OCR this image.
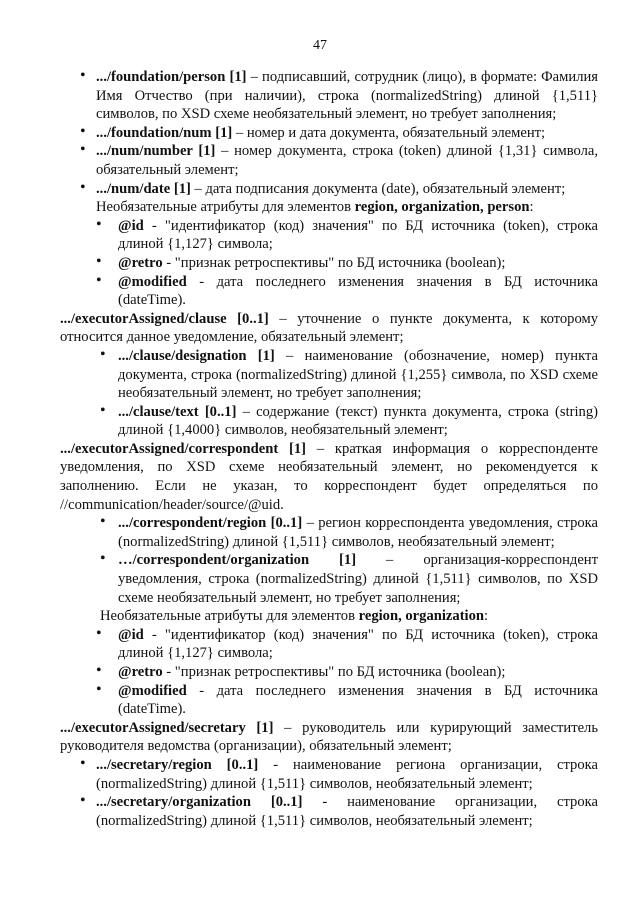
47
• .../foundation/person [1] – подписавший, сотрудник (лицо), в формате: Фамилия Имя Отчество (при наличии), строка (normalizedString) длиной {1,511} символов, по XSD схеме необязательный элемент, но требует заполнения;
• .../foundation/num [1] – номер и дата документа, обязательный элемент;
• .../num/number [1] – номер документа, строка (token) длиной {1,31} символа, обязательный элемент;
• .../num/date [1] – дата подписания документа (date), обязательный элемент;
Необязательные атрибуты для элементов region, organization, person:
• @id - "идентификатор (код) значения" по БД источника (token), строка длиной {1,127} символа;
• @retro - "признак ретроспективы" по БД источника (boolean);
• @modified - дата последнего изменения значения в БД источника (dateTime).
.../executorAssigned/clause [0..1] – уточнение о пункте документа, к которому относится данное уведомление, обязательный элемент;
• .../clause/designation [1] – наименование (обозначение, номер) пункта документа, строка (normalizedString) длиной {1,255} символа, по XSD схеме необязательный элемент, но требует заполнения;
• .../clause/text [0..1] – содержание (текст) пункта документа, строка (string) длиной {1,4000} символов, необязательный элемент;
.../executorAssigned/correspondent [1] – краткая информация о корреспонденте уведомления, по XSD схеме необязательный элемент, но рекомендуется к заполнению. Если не указан, то корреспондент будет определяться по //communication/header/source/@uid.
• .../correspondent/region [0..1] – регион корреспондента уведомления, строка (normalizedString) длиной {1,511} символов, необязательный элемент;
• …/correspondent/organization [1] – организация-корреспондент уведомления, строка (normalizedString) длиной {1,511} символов, по XSD схеме необязательный элемент, но требует заполнения;
Необязательные атрибуты для элементов region, organization:
• @id - "идентификатор (код) значения" по БД источника (token), строка длиной {1,127} символа;
• @retro - "признак ретроспективы" по БД источника (boolean);
• @modified - дата последнего изменения значения в БД источника (dateTime).
.../executorAssigned/secretary [1] – руководитель или курирующий заместитель руководителя ведомства (организации), обязательный элемент;
• .../secretary/region [0..1] - наименование региона организации, строка (normalizedString) длиной {1,511} символов, необязательный элемент;
• .../secretary/organization [0..1] - наименование организации, строка (normalizedString) длиной {1,511} символов, необязательный элемент;
